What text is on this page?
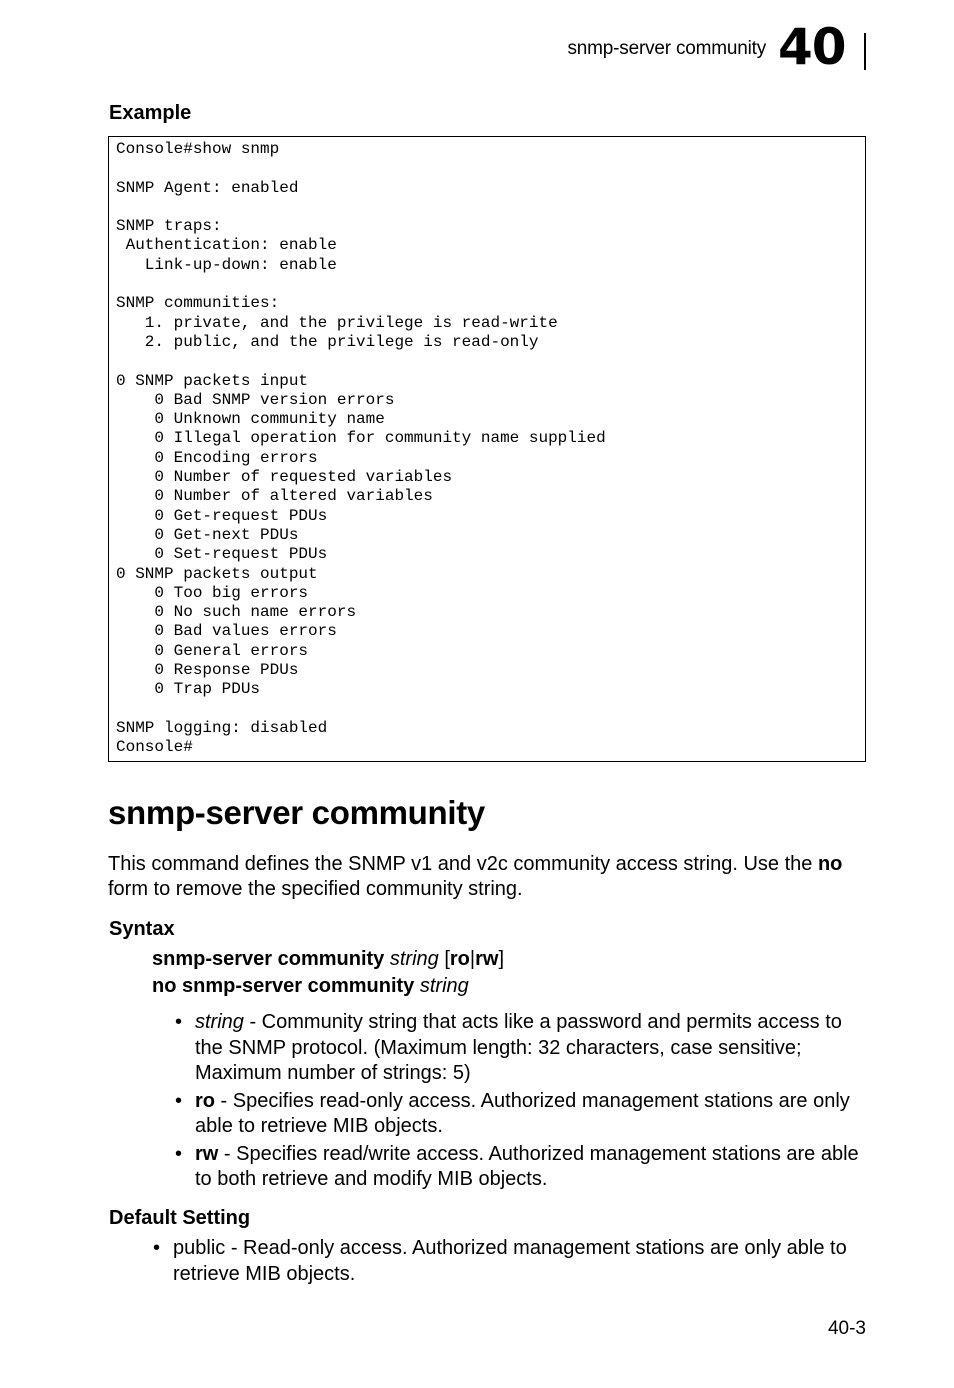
snmp-server community 40
Example
Console#show snmp

SNMP Agent: enabled

SNMP traps:
Authentication: enable
Link-up-down: enable

SNMP communities:
1. private, and the privilege is read-write
2. public, and the privilege is read-only

0 SNMP packets input
0 Bad SNMP version errors
0 Unknown community name
0 Illegal operation for community name supplied
0 Encoding errors
0 Number of requested variables
0 Number of altered variables
0 Get-request PDUs
0 Get-next PDUs
0 Set-request PDUs
0 SNMP packets output
0 Too big errors
0 No such name errors
0 Bad values errors
0 General errors
0 Response PDUs
0 Trap PDUs

SNMP logging: disabled
Console#
snmp-server community
This command defines the SNMP v1 and v2c community access string. Use the no form to remove the specified community string.
Syntax
snmp-server community string [ro|rw]
no snmp-server community string
• string - Community string that acts like a password and permits access to the SNMP protocol. (Maximum length: 32 characters, case sensitive; Maximum number of strings: 5)
• ro - Specifies read-only access. Authorized management stations are only able to retrieve MIB objects.
• rw - Specifies read/write access. Authorized management stations are able to both retrieve and modify MIB objects.
Default Setting
• public - Read-only access. Authorized management stations are only able to retrieve MIB objects.
40-3
